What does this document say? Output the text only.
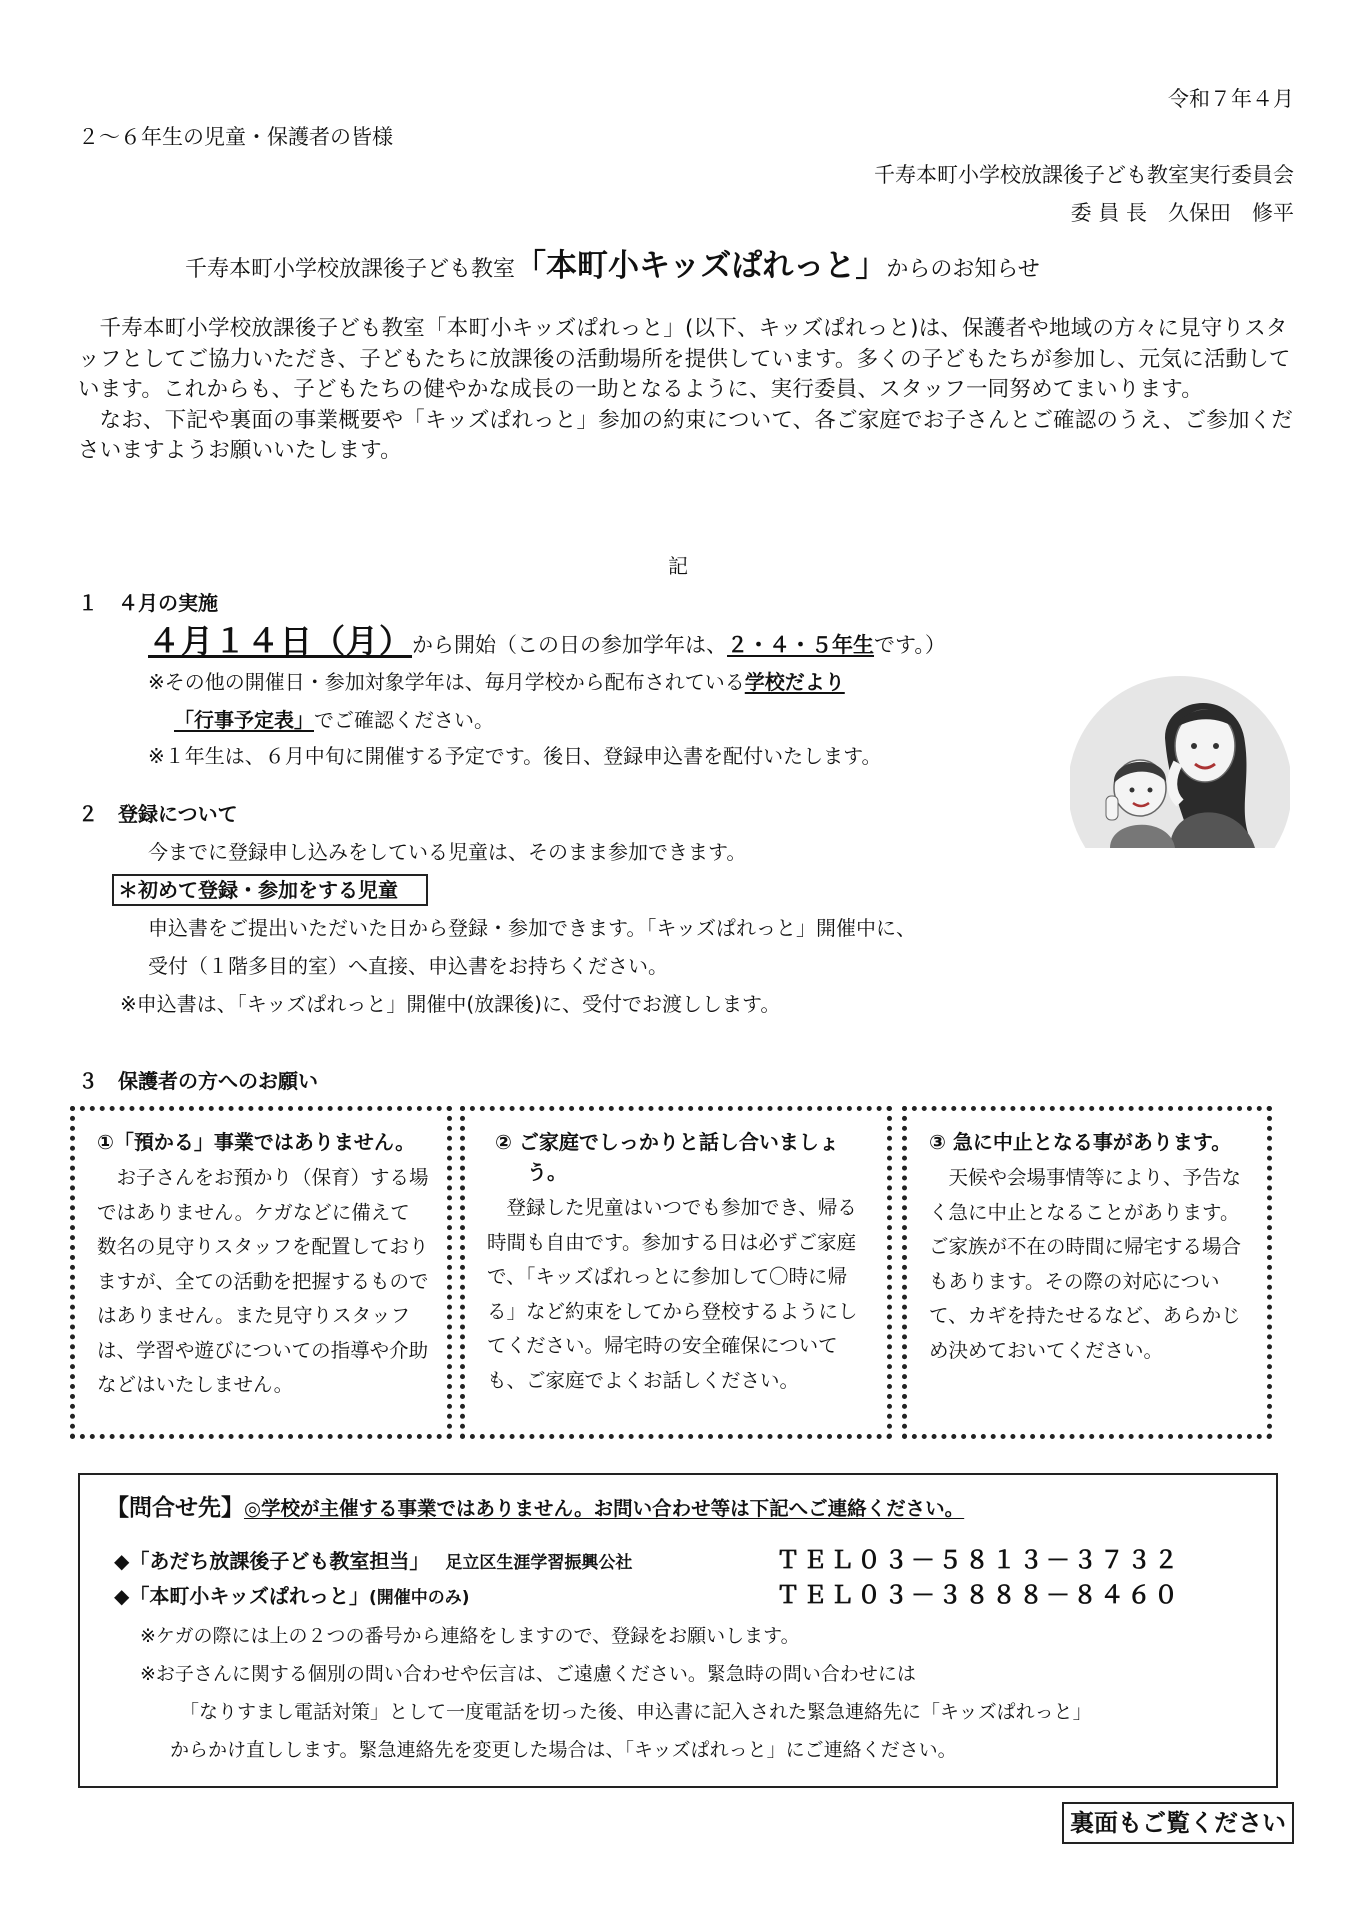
令和７年４月
２～６年生の児童・保護者の皆様
千寿本町小学校放課後子ども教室実行委員会
委 員 長　久保田　修平
千寿本町小学校放課後子ども教室「本町小キッズぱれっと」からのお知らせ

千寿本町小学校放課後子ども教室「本町小キッズぱれっと」(以下、キッズぱれっと)は、保護者や地域の方々に見守りスタッフとしてご協力いただき、子どもたちに放課後の活動場所を提供しています。多くの子どもたちが参加し、元気に活動しています。これからも、子どもたちの健やかな成長の一助となるように、実行委員、スタッフ一同努めてまいります。

なお、下記や裏面の事業概要や「キッズぱれっと」参加の約束について、各ご家庭でお子さんとご確認のうえ、ご参加くださいますようお願いいたします。

記
１　４月の実施
４月１４日（月）から開始（この日の参加学年は、２・４・５年生です。）
※その他の開催日・参加対象学年は、毎月学校から配布されている学校だより
「行事予定表」でご確認ください。
※１年生は、６月中旬に開催する予定です。後日、登録申込書を配付いたします。
２　登録について
今までに登録申し込みをしている児童は、そのまま参加できます。
＊初めて登録・参加をする児童
申込書をご提出いただいた日から登録・参加できます。「キッズぱれっと」開催中に、
受付（１階多目的室）へ直接、申込書をお持ちください。
※申込書は、「キッズぱれっと」開催中(放課後)に、受付でお渡しします。
３　保護者の方へのお願い
①「預かる」事業ではありません。
お子さんをお預かり（保育）する場ではありません。ケガなどに備えて数名の見守りスタッフを配置しておりますが、全ての活動を把握するものではありません。また見守りスタッフは、学習や遊びについての指導や介助などはいたしません。
② ご家庭でしっかりと話し合いましょう。
登録した児童はいつでも参加でき、帰る時間も自由です。参加する日は必ずご家庭で、「キッズぱれっとに参加して〇時に帰る」など約束をしてから登校するようにしてください。帰宅時の安全確保についても、ご家庭でよくお話しください。
③ 急に中止となる事があります。
天候や会場事情等により、予告なく急に中止となることがあります。ご家族が不在の時間に帰宅する場合もあります。その際の対応について、カギを持たせるなど、あらかじめ決めておいてください。
【問合せ先】◎学校が主催する事業ではありません。お問い合わせ等は下記へご連絡ください。
◆「あだち放課後子ども教室担当」 足立区生涯学習振興公社	ＴＥＬ０３－５８１３－３７３２
◆「本町小キッズぱれっと」(開催中のみ)	ＴＥＬ０３－３８８８－８４６０
※ケガの際には上の２つの番号から連絡をしますので、登録をお願いします。
※お子さんに関する個別の問い合わせや伝言は、ご遠慮ください。緊急時の問い合わせには
「なりすまし電話対策」として一度電話を切った後、申込書に記入された緊急連絡先に「キッズぱれっと」
からかけ直しします。緊急連絡先を変更した場合は、「キッズぱれっと」にご連絡ください。
裏面もご覧ください
